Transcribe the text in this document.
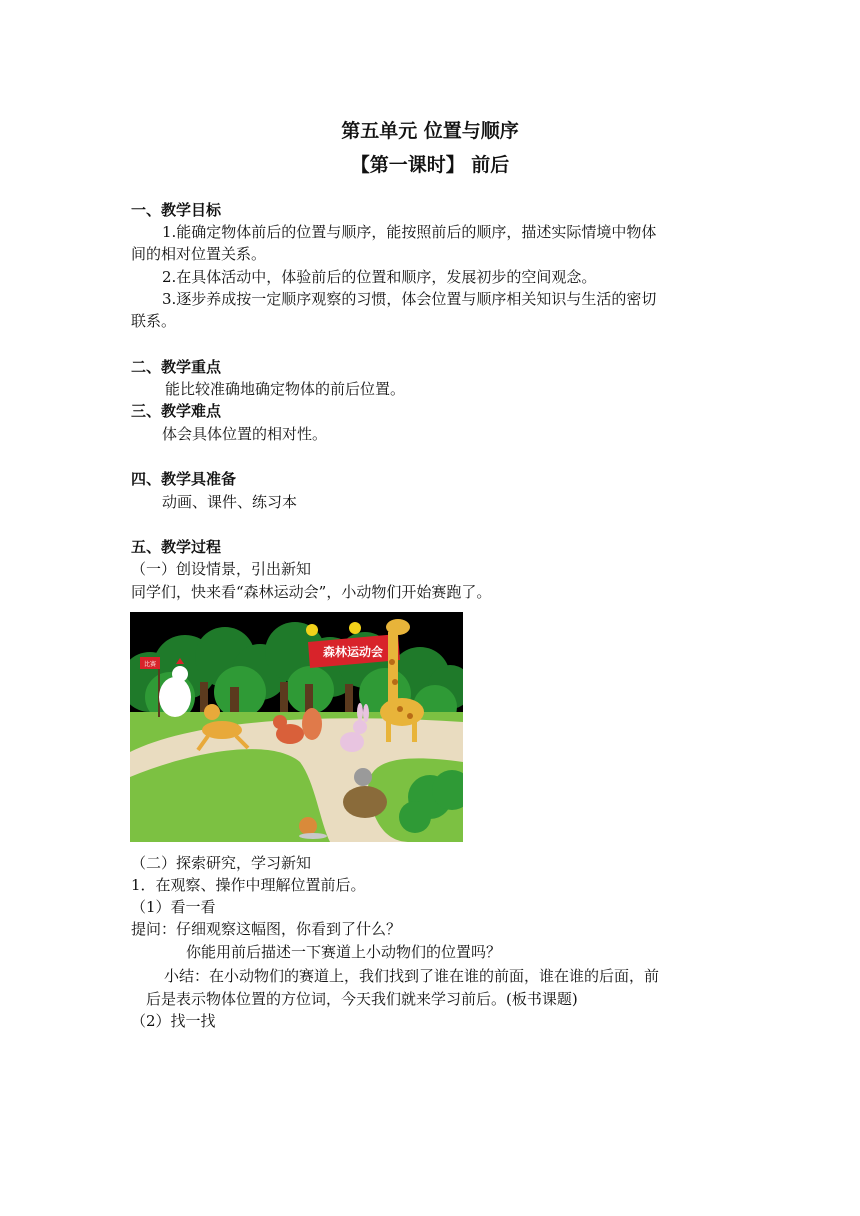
第五单元 位置与顺序
【第一课时】 前后
一、教学目标
1.能确定物体前后的位置与顺序，能按照前后的顺序，描述实际情境中物体
间的相对位置关系。
2.在具体活动中，体验前后的位置和顺序，发展初步的空间观念。
3.逐步养成按一定顺序观察的习惯，体会位置与顺序相关知识与生活的密切
联系。
二、教学重点
能比较准确地确定物体的前后位置。
三、教学难点
体会具体位置的相对性。
四、教学具准备
动画、课件、练习本
五、教学过程
（一）创设情景，引出新知
同学们，快来看“森林运动会”，小动物们开始赛跑了。
森林运动会
比赛
（二）探索研究，学习新知
1．在观察、操作中理解位置前后。
（1）看一看
提问：仔细观察这幅图，你看到了什么？
你能用前后描述一下赛道上小动物们的位置吗？
小结：在小动物们的赛道上，我们找到了谁在谁的前面，谁在谁的后面，前
后是表示物体位置的方位词，今天我们就来学习前后。(板书课题)
（2）找一找
